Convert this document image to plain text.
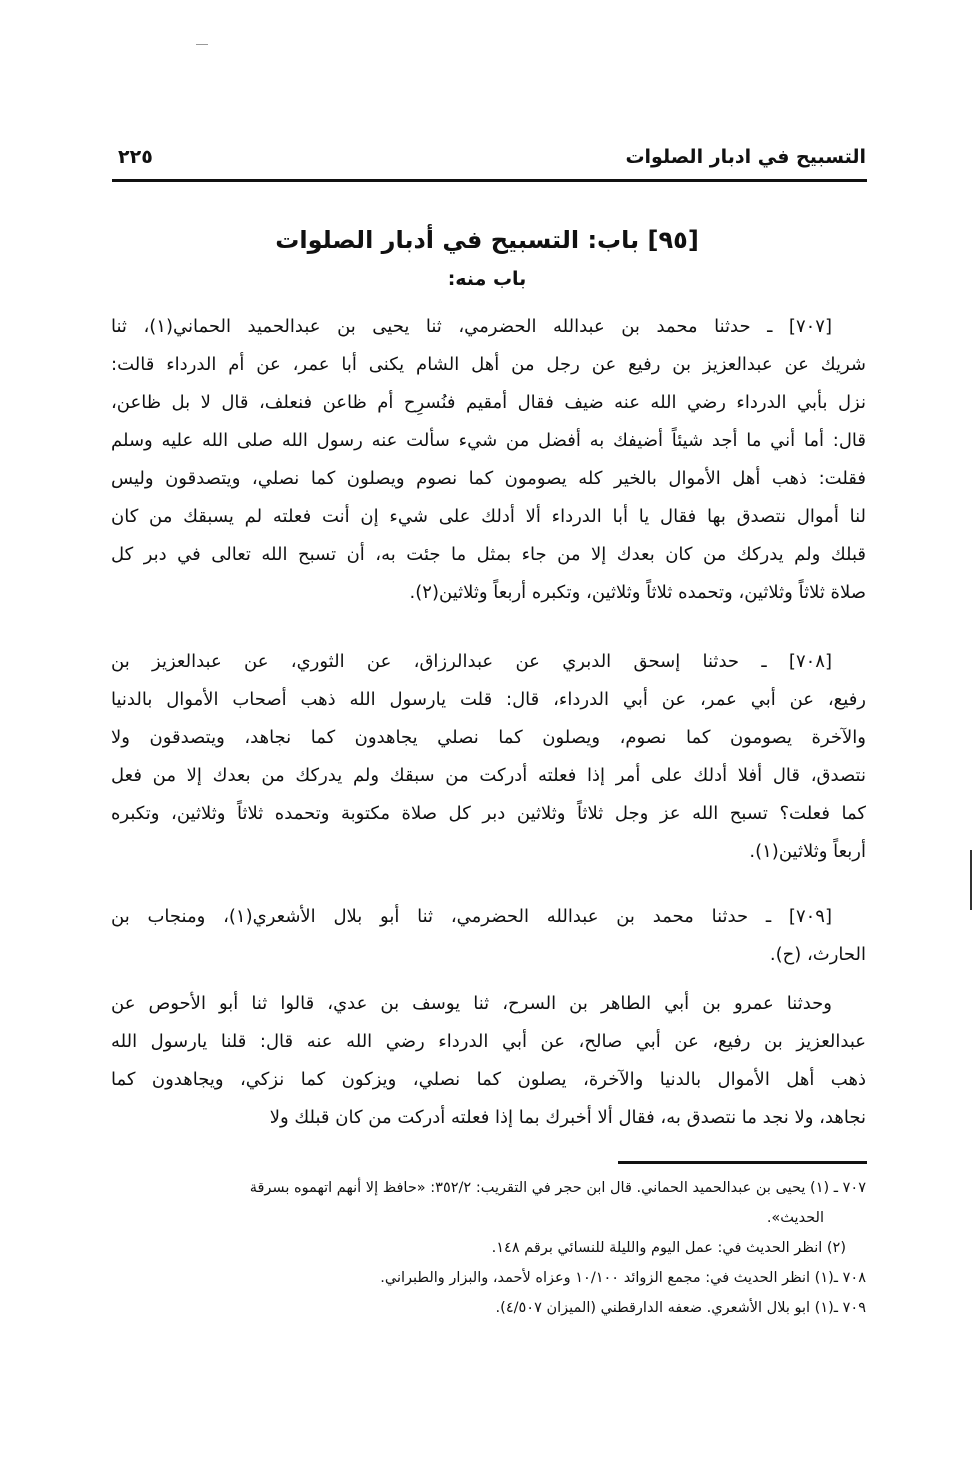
التسبيح في ادبار الصلوات
٢٢٥
[٩٥] باب: التسبيح في أدبار الصلوات
باب منه:
[٧٠٧] ـ حدثنا محمد بن عبدالله الحضرمي، ثنا يحيى بن عبدالحميد الحماني(١)، ثنا
شريك عن عبدالعزيز بن رفيع عن رجل من أهل الشام يكنى أبا عمر، عن أم الدرداء قالت:
نزل بأبي الدرداء رضي الله عنه ضيف فقال أمقيم فنُسرِح أم ظاعن فنعلف، قال لا بل ظاعن،
قال: أما أني ما أجد شيئاً أضيفك به أفضل من شيء سألت عنه رسول الله صلى الله عليه وسلم
فقلت: ذهب أهل الأموال بالخير كله يصومون كما نصوم ويصلون كما نصلي، ويتصدقون وليس
لنا أموال نتصدق بها فقال يا أبا الدرداء ألا أدلك على شيء إن أنت فعلته لم يسبقك من كان
قبلك ولم يدركك من كان بعدك إلا من جاء بمثل ما جئت به، أن تسبح الله تعالى في دبر كل
صلاة ثلاثاً وثلاثين، وتحمده ثلاثاً وثلاثين، وتكبره أربعاً وثلاثين(٢).
[٧٠٨] ـ حدثنا إسحق الدبري عن عبدالرزاق، عن الثوري، عن عبدالعزيز بن
رفيع، عن أبي عمر، عن أبي الدرداء، قال: قلت يارسول الله ذهب أصحاب الأموال بالدنيا
والآخرة يصومون كما نصوم، ويصلون كما نصلي يجاهدون كما نجاهد، ويتصدقون ولا
نتصدق، قال أفلا أدلك على أمر إذا فعلته أدركت من سبقك ولم يدركك من بعدك إلا من فعل
كما فعلت؟ تسبح الله عز وجل ثلاثاً وثلاثين دبر كل صلاة مكتوبة وتحمده ثلاثاً وثلاثين، وتكبره
أربعاً وثلاثين(١).
[٧٠٩] ـ حدثنا محمد بن عبدالله الحضرمي، ثنا أبو بلال الأشعري(١)، ومنجاب بن
الحارث، (ح).
وحدثنا عمرو بن أبي الطاهر بن السرح، ثنا يوسف بن عدي، قالوا ثنا أبو الأحوص عن
عبدالعزيز بن رفيع، عن أبي صالح، عن أبي الدرداء رضي الله عنه قال: قلنا يارسول الله
ذهب أهل الأموال بالدنيا والآخرة، يصلون كما نصلي، ويزكون كما نزكي، ويجاهدون كما
نجاهد، ولا نجد ما نتصدق به، فقال ألا أخبرك بما إذا فعلته أدركت من كان قبلك ولا
٧٠٧ ـ (١) يحيى بن عبدالحميد الحماني. قال ابن حجر في التقريب: ٣٥٢/٢: «حافظ إلا أنهم اتهموه بسرقة
الحديث».
(٢) انظر الحديث في: عمل اليوم والليلة للنسائي برقم ١٤٨.
٧٠٨ ـ(١) انظر الحديث في: مجمع الزوائد ١٠/١٠٠ وعزاه لأحمد، والبزار والطبراني.
٧٠٩ ـ(١) ابو بلال الأشعري. ضعفه الدارقطني (الميزان ٤/٥٠٧).
